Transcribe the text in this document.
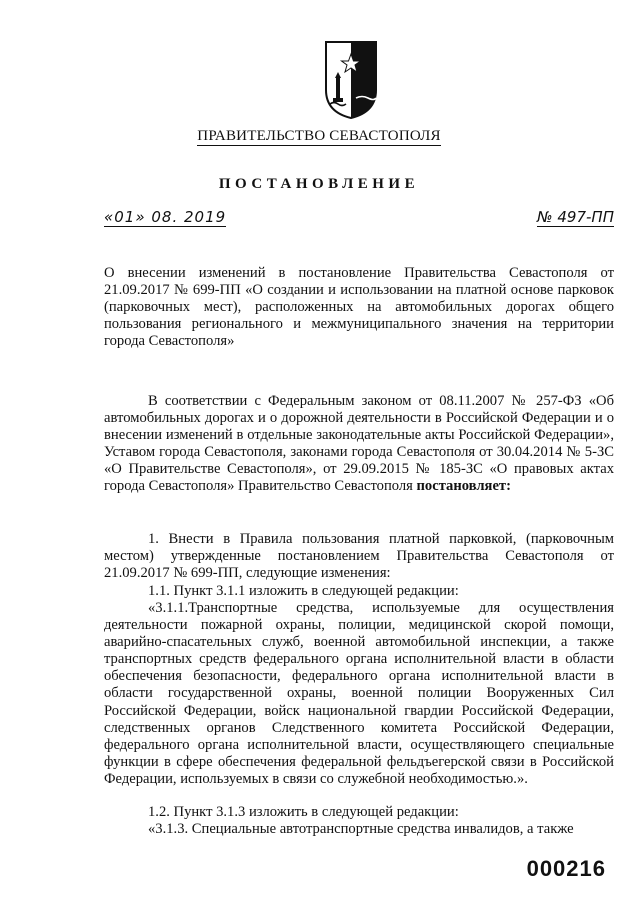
ПРАВИТЕЛЬСТВО СЕВАСТОПОЛЯ
ПОСТАНОВЛЕНИЕ
«01» 08. 2019	№ 497-ПП

О внесении изменений в постановление Правительства Севастополя от 21.09.2017 № 699-ПП «О создании и использовании на платной основе парковок (парковочных мест), расположенных на автомобильных дорогах общего пользования регионального и межмуниципального значения на территории города Севастополя»

В соответствии с Федеральным законом от 08.11.2007 № 257-ФЗ «Об автомобильных дорогах и о дорожной деятельности в Российской Федерации и о внесении изменений в отдельные законодательные акты Российской Федерации», Уставом города Севастополя, законами города Севастополя от 30.04.2014 № 5-ЗС «О Правительстве Севастополя», от 29.09.2015 № 185-ЗС «О правовых актах города Севастополя» Правительство Севастополя постановляет:

1. Внести в Правила пользования платной парковкой, (парковочным местом) утвержденные постановлением Правительства Севастополя от 21.09.2017 № 699-ПП, следующие изменения:

1.1. Пункт 3.1.1 изложить в следующей редакции:

«3.1.1.Транспортные средства, используемые для осуществления деятельности пожарной охраны, полиции, медицинской скорой помощи, аварийно-спасательных служб, военной автомобильной инспекции, а также транспортных средств федерального органа исполнительной власти в области обеспечения безопасности, федерального органа исполнительной власти в области государственной охраны, военной полиции Вооруженных Сил Российской Федерации, войск национальной гвардии Российской Федерации, следственных органов Следственного комитета Российской Федерации, федерального органа исполнительной власти, осуществляющего специальные функции в сфере обеспечения федеральной фельдъегерской связи в Российской Федерации, используемых в связи со служебной необходимостью.».

1.2. Пункт 3.1.3 изложить в следующей редакции:

«3.1.3. Специальные автотранспортные средства инвалидов, а также

000216
